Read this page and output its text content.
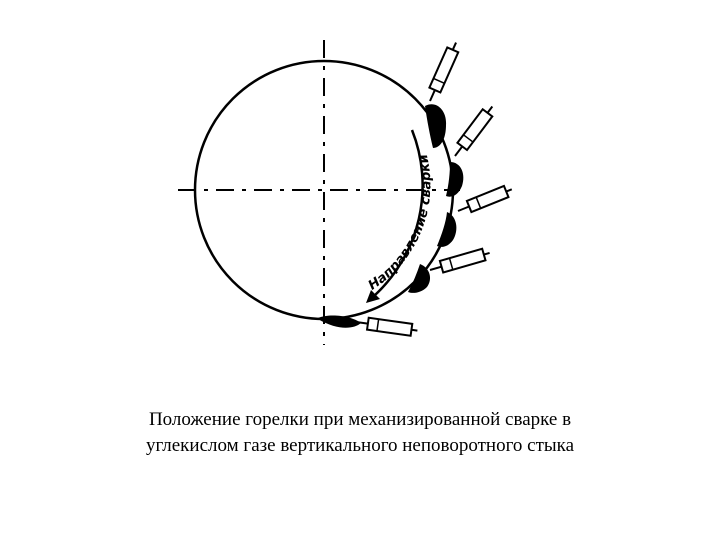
Направление сварки
Положение горелки при механизированной сварке в
углекислом газе вертикального неповоротного стыка
